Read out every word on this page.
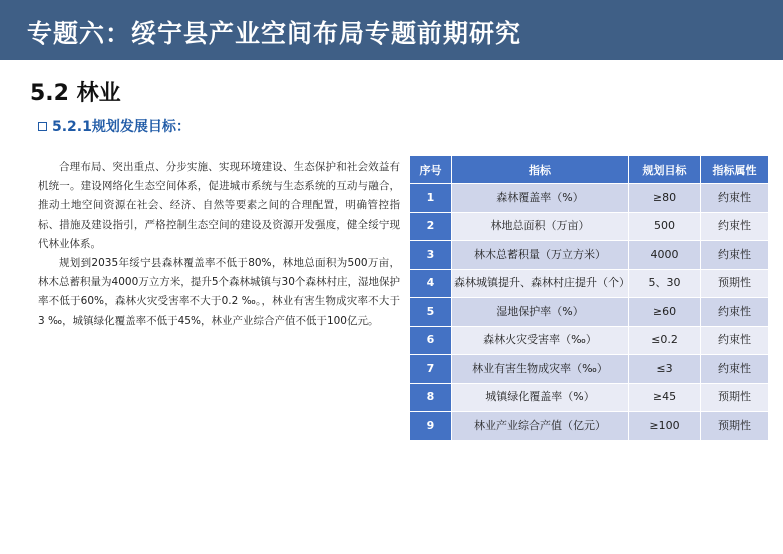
专题六：绥宁县产业空间布局专题前期研究
5.2 林业
5.2.1规划发展目标：

合理布局、突出重点、分步实施、实现环境建设、生态保护和社会效益有机统一。建设网络化生态空间体系，促进城市系统与生态系统的互动与融合，推动土地空间资源在社会、经济、自然等要素之间的合理配置，明确管控指标、措施及建设指引，严格控制生态空间的建设及资源开发强度，健全绥宁现代林业体系。

规划到2035年绥宁县森林覆盖率不低于80%，林地总面积为500万亩，林木总蓄积量为4000万立方米，提升5个森林城镇与30个森林村庄，湿地保护率不低于60%，森林火灾受害率不大于0.2 ‰。，林业有害生物成灾率不大于3 ‰，城镇绿化覆盖率不低于45%，林业产业综合产值不低于100亿元。

序号	指标	规划目标	指标属性
1	森林覆盖率（%）	≥80	约束性
2	林地总面积（万亩）	500	约束性
3	林木总蓄积量（万立方米）	4000	约束性
4	森林城镇提升、森林村庄提升（个）	5、30	预期性
5	湿地保护率（%）	≥60	约束性
6	森林火灾受害率（‰）	≤0.2	约束性
7	林业有害生物成灾率（‰）	≤3	约束性
8	城镇绿化覆盖率（%）	≥45	预期性
9	林业产业综合产值（亿元）	≥100	预期性
